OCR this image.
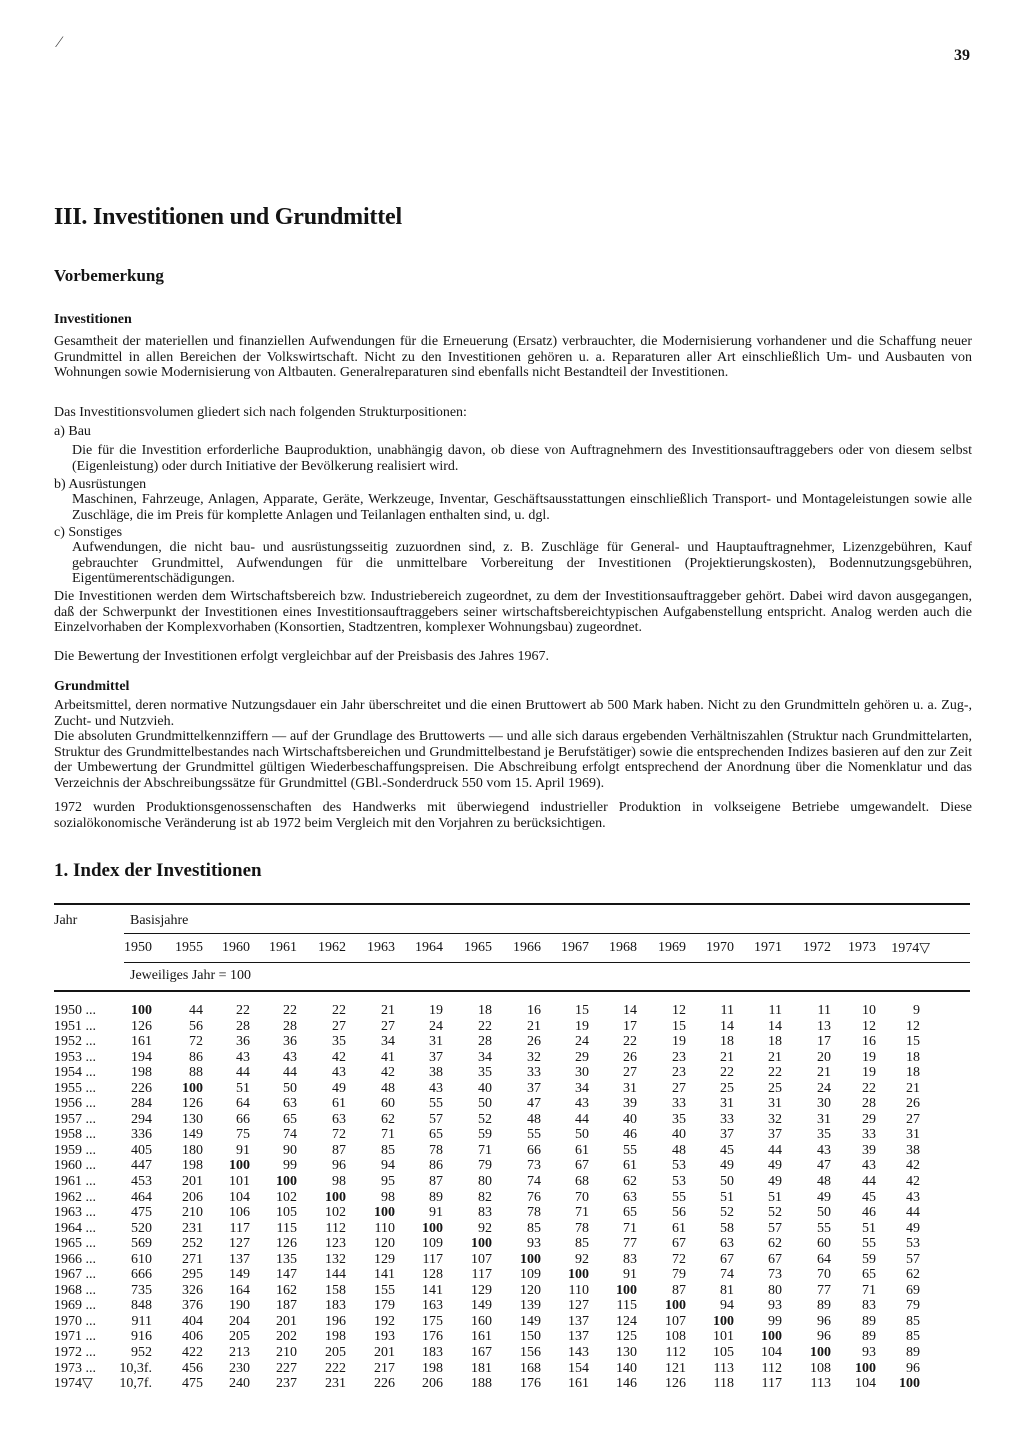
⁄
39
III. Investitionen und Grundmittel
Vorbemerkung
Investitionen

Gesamtheit der materiellen und finanziellen Aufwendungen für die Erneuerung (Ersatz) verbrauchter, die Modernisierung vorhandener und die Schaffung neuer Grundmittel in allen Bereichen der Volkswirtschaft. Nicht zu den Investitionen gehören u. a. Reparaturen aller Art einschließlich Um- und Ausbauten von Wohnungen sowie Modernisierung von Altbauten. Generalreparaturen sind ebenfalls nicht Bestandteil der Investitionen.

Das Investitionsvolumen gliedert sich nach folgenden Strukturpositionen:

a) Bau

Die für die Investition erforderliche Bauproduktion, unabhängig davon, ob diese von Auftragnehmern des Investitionsauftraggebers oder von diesem selbst (Eigenleistung) oder durch Initiative der Bevölkerung realisiert wird.

b) Ausrüstungen

Maschinen, Fahrzeuge, Anlagen, Apparate, Geräte, Werkzeuge, Inventar, Geschäftsausstattungen einschließlich Transport- und Montageleistungen sowie alle Zuschläge, die im Preis für komplette Anlagen und Teilanlagen enthalten sind, u. dgl.

c) Sonstiges

Aufwendungen, die nicht bau- und ausrüstungsseitig zuzuordnen sind, z. B. Zuschläge für General- und Hauptauftragnehmer, Lizenzgebühren, Kauf gebrauchter Grundmittel, Aufwendungen für die unmittelbare Vorbereitung der Investitionen (Projektierungskosten), Bodennutzungsgebühren, Eigentümerentschädigungen.

Die Investitionen werden dem Wirtschaftsbereich bzw. Industriebereich zugeordnet, zu dem der Investitionsauftraggeber gehört. Dabei wird davon ausgegangen, daß der Schwerpunkt der Investitionen eines Investitionsauftraggebers seiner wirtschaftsbereichtypischen Aufgabenstellung entspricht. Analog werden auch die Einzelvorhaben der Komplexvorhaben (Konsortien, Stadtzentren, komplexer Wohnungsbau) zugeordnet.

Die Bewertung der Investitionen erfolgt vergleichbar auf der Preisbasis des Jahres 1967.

Grundmittel

Arbeitsmittel, deren normative Nutzungsdauer ein Jahr überschreitet und die einen Bruttowert ab 500 Mark haben. Nicht zu den Grundmitteln gehören u. a. Zug-, Zucht- und Nutzvieh.

Die absoluten Grundmittelkennziffern — auf der Grundlage des Bruttowerts — und alle sich daraus ergebenden Verhältniszahlen (Struktur nach Grundmittelarten, Struktur des Grundmittelbestandes nach Wirtschaftsbereichen und Grundmittelbestand je Berufstätiger) sowie die entsprechenden Indizes basieren auf den zur Zeit der Umbewertung der Grundmittel gültigen Wiederbeschaffungspreisen. Die Abschreibung erfolgt entsprechend der Anordnung über die Nomenklatur und das Verzeichnis der Abschreibungssätze für Grundmittel (GBl.-Sonderdruck 550 vom 15. April 1969).

1972 wurden Produktionsgenossenschaften des Handwerks mit überwiegend industrieller Produktion in volkseigene Betriebe umgewandelt. Diese sozialökonomische Veränderung ist ab 1972 beim Vergleich mit den Vorjahren zu berücksichtigen.

1. Index der Investitionen
Jahr	Basisjahre
1950	1955	1960	1961	1962	1963	1964	1965	1966	1967	1968	1969	1970	1971	1972	1973	1974▽
Jeweiliges Jahr = 100
1950 ...	100	44	22	22	22	21	19	18	16	15	14	12	11	11	11	10	9
1951 ...	126	56	28	28	27	27	24	22	21	19	17	15	14	14	13	12	12
1952 ...	161	72	36	36	35	34	31	28	26	24	22	19	18	18	17	16	15
1953 ...	194	86	43	43	42	41	37	34	32	29	26	23	21	21	20	19	18
1954 ...	198	88	44	44	43	42	38	35	33	30	27	23	22	22	21	19	18
1955 ...	226	100	51	50	49	48	43	40	37	34	31	27	25	25	24	22	21
1956 ...	284	126	64	63	61	60	55	50	47	43	39	33	31	31	30	28	26
1957 ...	294	130	66	65	63	62	57	52	48	44	40	35	33	32	31	29	27
1958 ...	336	149	75	74	72	71	65	59	55	50	46	40	37	37	35	33	31
1959 ...	405	180	91	90	87	85	78	71	66	61	55	48	45	44	43	39	38
1960 ...	447	198	100	99	96	94	86	79	73	67	61	53	49	49	47	43	42
1961 ...	453	201	101	100	98	95	87	80	74	68	62	53	50	49	48	44	42
1962 ...	464	206	104	102	100	98	89	82	76	70	63	55	51	51	49	45	43
1963 ...	475	210	106	105	102	100	91	83	78	71	65	56	52	52	50	46	44
1964 ...	520	231	117	115	112	110	100	92	85	78	71	61	58	57	55	51	49
1965 ...	569	252	127	126	123	120	109	100	93	85	77	67	63	62	60	55	53
1966 ...	610	271	137	135	132	129	117	107	100	92	83	72	67	67	64	59	57
1967 ...	666	295	149	147	144	141	128	117	109	100	91	79	74	73	70	65	62
1968 ...	735	326	164	162	158	155	141	129	120	110	100	87	81	80	77	71	69
1969 ...	848	376	190	187	183	179	163	149	139	127	115	100	94	93	89	83	79
1970 ...	911	404	204	201	196	192	175	160	149	137	124	107	100	99	96	89	85
1971 ...	916	406	205	202	198	193	176	161	150	137	125	108	101	100	96	89	85
1972 ...	952	422	213	210	205	201	183	167	156	143	130	112	105	104	100	93	89
1973 ...	10,3f.	456	230	227	222	217	198	181	168	154	140	121	113	112	108	100	96
1974▽	10,7f.	475	240	237	231	226	206	188	176	161	146	126	118	117	113	104	100
